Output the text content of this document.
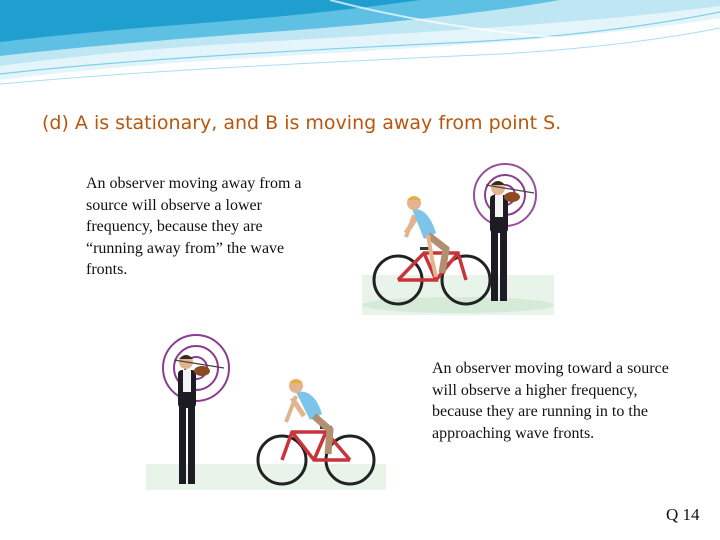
(d) A is stationary, and B is moving away from point S.
An observer moving away from a source will observe a lower frequency, because they are “running away from” the wave fronts.
An observer moving toward a source will observe a higher frequency, because they are running in to the approaching wave fronts.
Q 14
